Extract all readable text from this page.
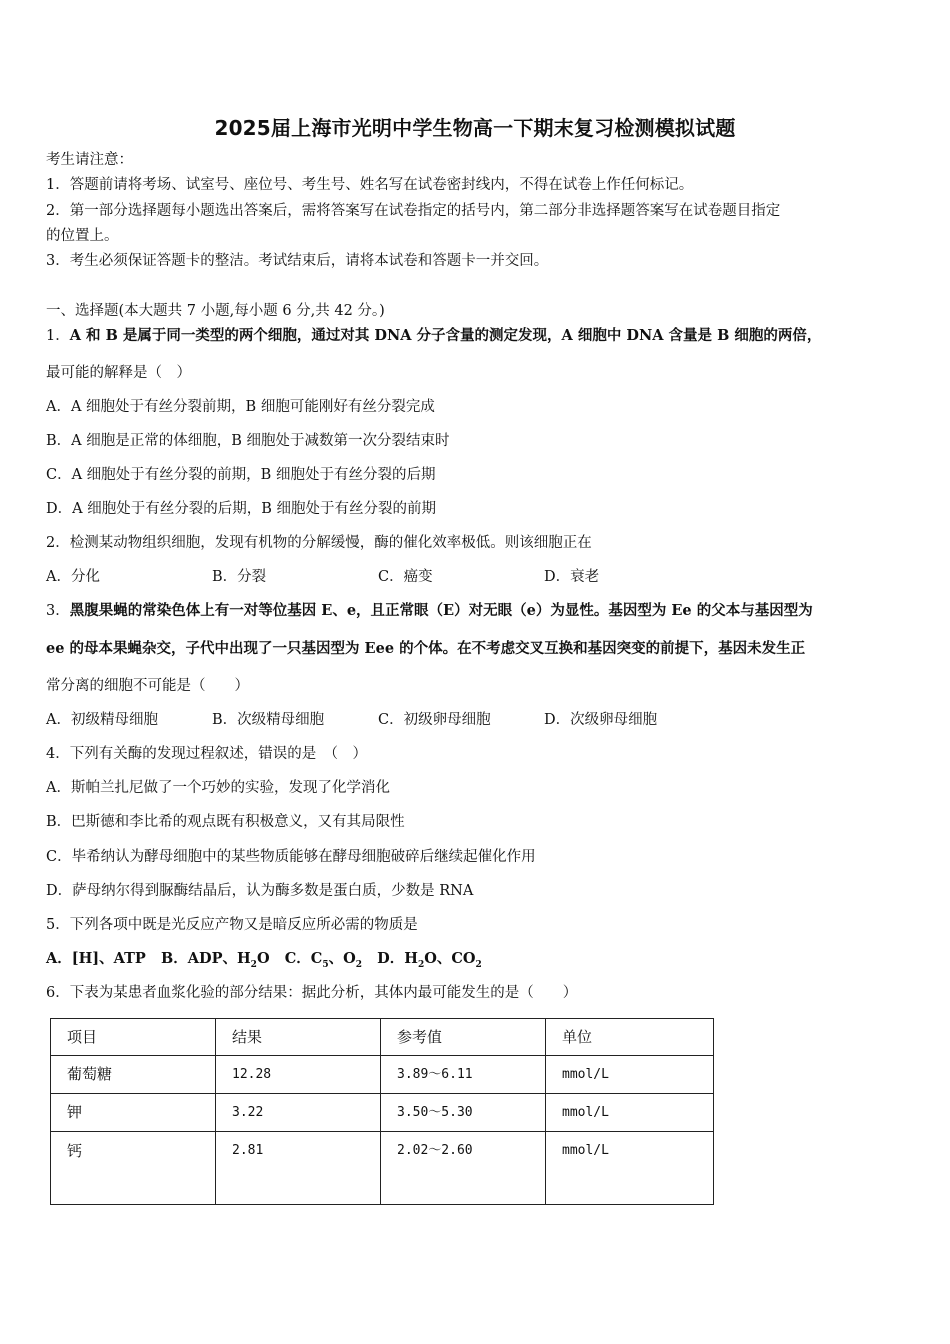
2025届上海市光明中学生物高一下期末复习检测模拟试题
考生请注意：
1．答题前请将考场、试室号、座位号、考生号、姓名写在试卷密封线内，不得在试卷上作任何标记。
2．第一部分选择题每小题选出答案后，需将答案写在试卷指定的括号内，第二部分非选择题答案写在试卷题目指定
的位置上。
3．考生必须保证答题卡的整洁。考试结束后，请将本试卷和答题卡一并交回。
一、选择题(本大题共 7 小题,每小题 6 分,共 42 分。)
1．A 和 B 是属于同一类型的两个细胞，通过对其 DNA 分子含量的测定发现，A 细胞中 DNA 含量是 B 细胞的两倍，
最可能的解释是（　）
A．A 细胞处于有丝分裂前期，B 细胞可能刚好有丝分裂完成
B．A 细胞是正常的体细胞，B 细胞处于减数第一次分裂结束时
C．A 细胞处于有丝分裂的前期，B 细胞处于有丝分裂的后期
D．A 细胞处于有丝分裂的后期，B 细胞处于有丝分裂的前期
2．检测某动物组织细胞，发现有机物的分解缓慢，酶的催化效率极低。则该细胞正在
A．分化	B．分裂	C．癌变	D．衰老
3．黑腹果蝇的常染色体上有一对等位基因 E、e，且正常眼（E）对无眼（e）为显性。基因型为 Ee 的父本与基因型为
ee 的母本果蝇杂交，子代中出现了一只基因型为 Eee 的个体。在不考虑交叉互换和基因突变的前提下，基因未发生正
常分离的细胞不可能是（　　）
A．初级精母细胞	B．次级精母细胞	C．初级卵母细胞	D．次级卵母细胞
4．下列有关酶的发现过程叙述，错误的是　（　）
A．斯帕兰扎尼做了一个巧妙的实验，发现了化学消化
B．巴斯德和李比希的观点既有积极意义，又有其局限性
C．毕希纳认为酵母细胞中的某些物质能够在酵母细胞破碎后继续起催化作用
D．萨母纳尔得到脲酶结晶后，认为酶多数是蛋白质，少数是 RNA
5．下列各项中既是光反应产物又是暗反应所必需的物质是
A．[H]、ATP B．ADP、$H_2O$ C．$C_5$、$O_2$ D．$H_2O$、$CO_2$
6．下表为某患者血浆化验的部分结果：据此分析，其体内最可能发生的是（　　）
项目	结果	参考值	单位
葡萄糖	12.28	3.89～6.11	mmol/L
钾	3.22	3.50～5.30	mmol/L
钙	2.81	2.02～2.60	mmol/L
